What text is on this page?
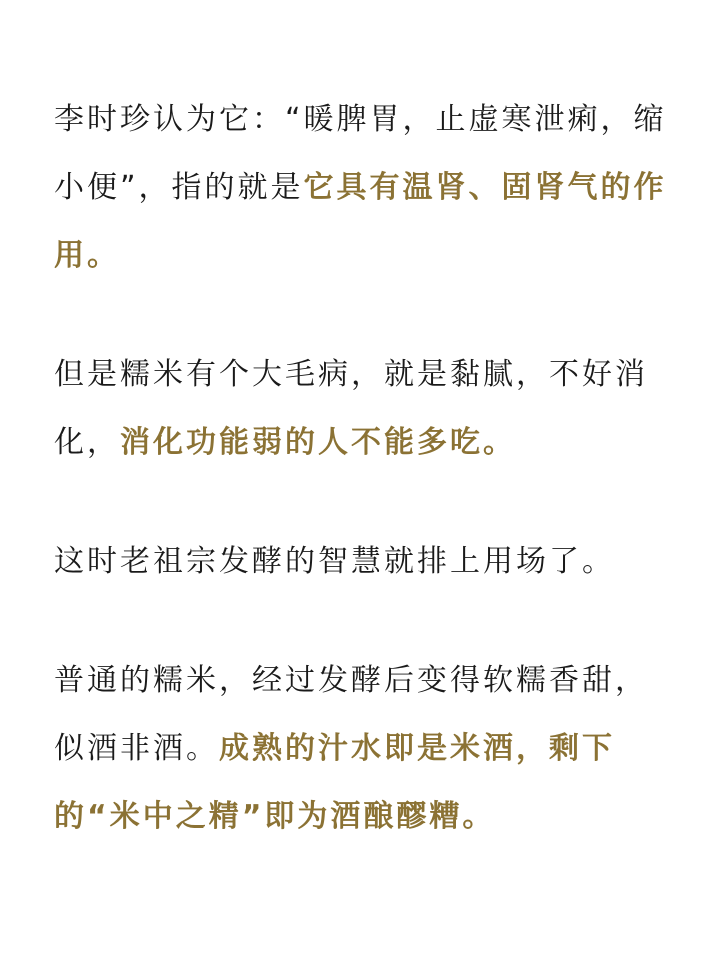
李时珍认为它：“暖脾胃，止虚寒泄痢，缩小便”，指的就是它具有温肾、固肾气的作用。

但是糯米有个大毛病，就是黏腻，不好消化，消化功能弱的人不能多吃。

这时老祖宗发酵的智慧就排上用场了。

普通的糯米，经过发酵后变得软糯香甜，似酒非酒。成熟的汁水即是米酒，剩下的“米中之精”即为酒酿醪糟。
